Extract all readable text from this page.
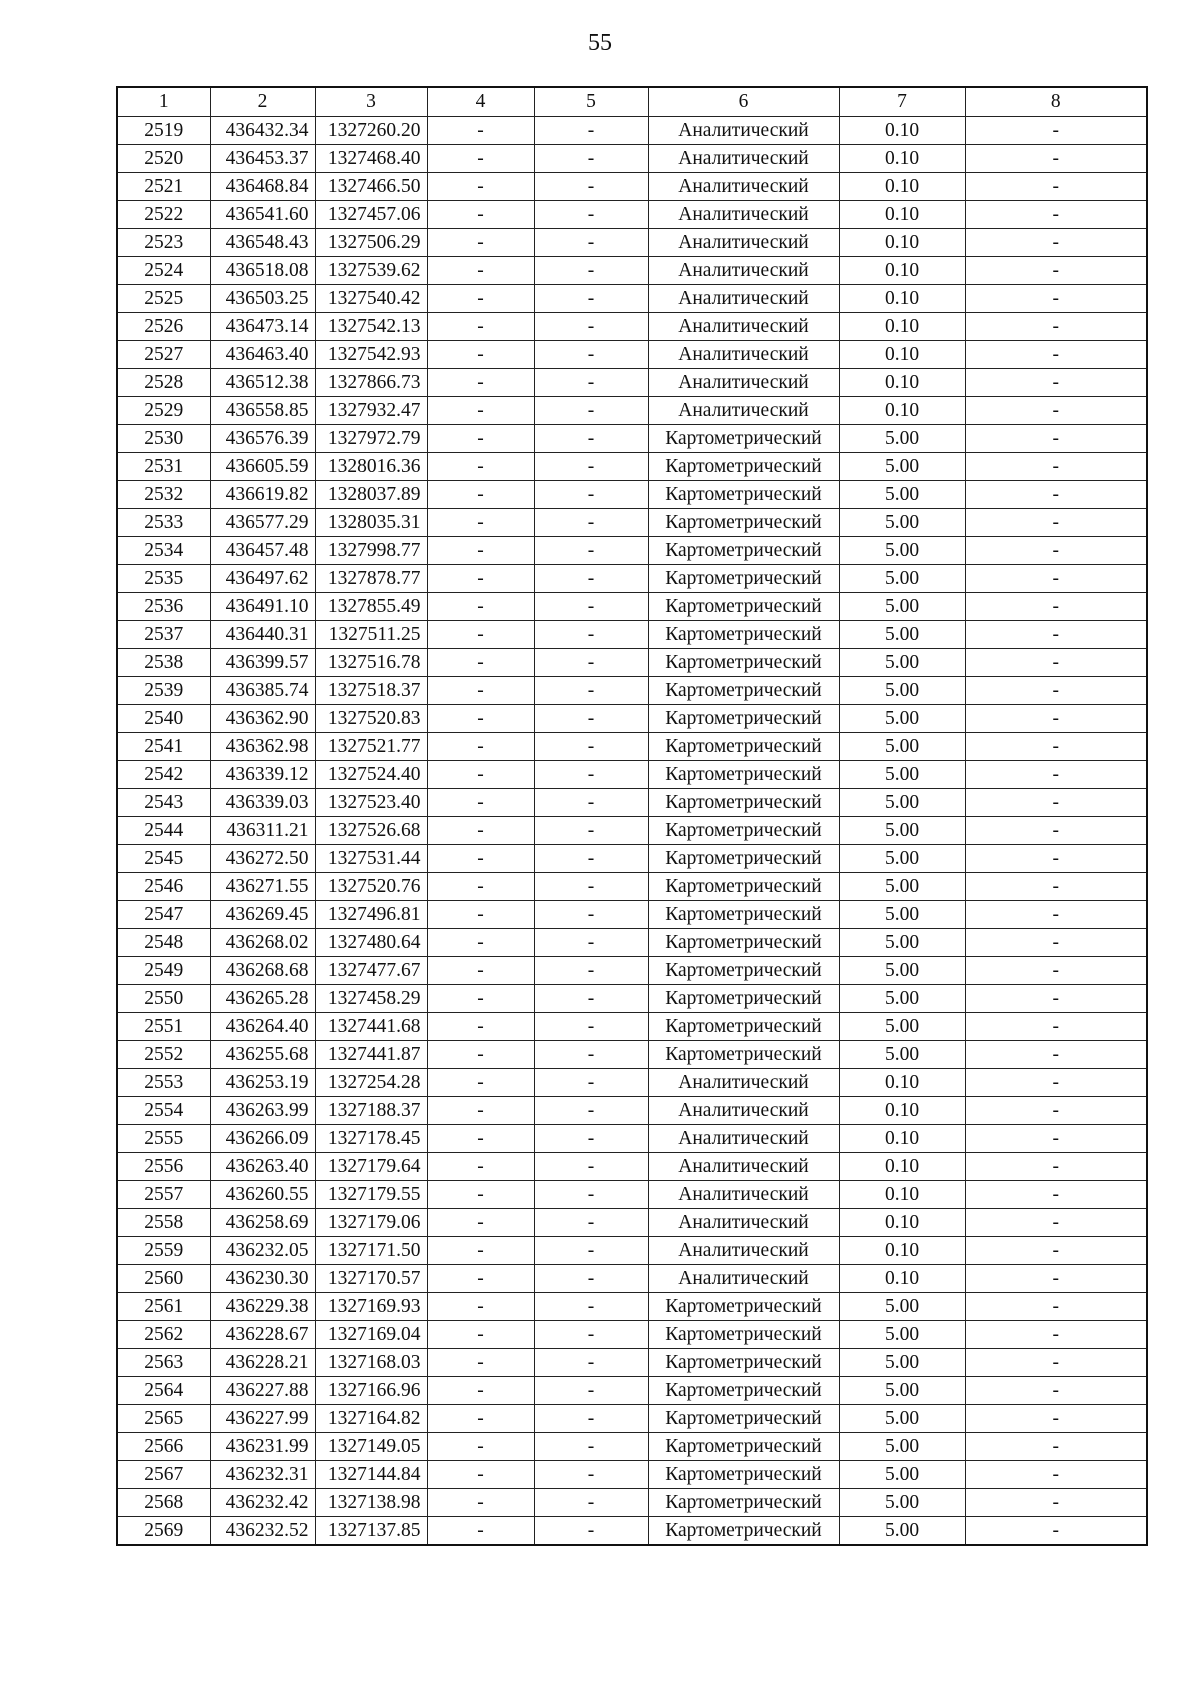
55
1	2	3	4	5	6	7	8
2519	436432.34	1327260.20	-	-	Аналитический	0.10	-
2520	436453.37	1327468.40	-	-	Аналитический	0.10	-
2521	436468.84	1327466.50	-	-	Аналитический	0.10	-
2522	436541.60	1327457.06	-	-	Аналитический	0.10	-
2523	436548.43	1327506.29	-	-	Аналитический	0.10	-
2524	436518.08	1327539.62	-	-	Аналитический	0.10	-
2525	436503.25	1327540.42	-	-	Аналитический	0.10	-
2526	436473.14	1327542.13	-	-	Аналитический	0.10	-
2527	436463.40	1327542.93	-	-	Аналитический	0.10	-
2528	436512.38	1327866.73	-	-	Аналитический	0.10	-
2529	436558.85	1327932.47	-	-	Аналитический	0.10	-
2530	436576.39	1327972.79	-	-	Картометрический	5.00	-
2531	436605.59	1328016.36	-	-	Картометрический	5.00	-
2532	436619.82	1328037.89	-	-	Картометрический	5.00	-
2533	436577.29	1328035.31	-	-	Картометрический	5.00	-
2534	436457.48	1327998.77	-	-	Картометрический	5.00	-
2535	436497.62	1327878.77	-	-	Картометрический	5.00	-
2536	436491.10	1327855.49	-	-	Картометрический	5.00	-
2537	436440.31	1327511.25	-	-	Картометрический	5.00	-
2538	436399.57	1327516.78	-	-	Картометрический	5.00	-
2539	436385.74	1327518.37	-	-	Картометрический	5.00	-
2540	436362.90	1327520.83	-	-	Картометрический	5.00	-
2541	436362.98	1327521.77	-	-	Картометрический	5.00	-
2542	436339.12	1327524.40	-	-	Картометрический	5.00	-
2543	436339.03	1327523.40	-	-	Картометрический	5.00	-
2544	436311.21	1327526.68	-	-	Картометрический	5.00	-
2545	436272.50	1327531.44	-	-	Картометрический	5.00	-
2546	436271.55	1327520.76	-	-	Картометрический	5.00	-
2547	436269.45	1327496.81	-	-	Картометрический	5.00	-
2548	436268.02	1327480.64	-	-	Картометрический	5.00	-
2549	436268.68	1327477.67	-	-	Картометрический	5.00	-
2550	436265.28	1327458.29	-	-	Картометрический	5.00	-
2551	436264.40	1327441.68	-	-	Картометрический	5.00	-
2552	436255.68	1327441.87	-	-	Картометрический	5.00	-
2553	436253.19	1327254.28	-	-	Аналитический	0.10	-
2554	436263.99	1327188.37	-	-	Аналитический	0.10	-
2555	436266.09	1327178.45	-	-	Аналитический	0.10	-
2556	436263.40	1327179.64	-	-	Аналитический	0.10	-
2557	436260.55	1327179.55	-	-	Аналитический	0.10	-
2558	436258.69	1327179.06	-	-	Аналитический	0.10	-
2559	436232.05	1327171.50	-	-	Аналитический	0.10	-
2560	436230.30	1327170.57	-	-	Аналитический	0.10	-
2561	436229.38	1327169.93	-	-	Картометрический	5.00	-
2562	436228.67	1327169.04	-	-	Картометрический	5.00	-
2563	436228.21	1327168.03	-	-	Картометрический	5.00	-
2564	436227.88	1327166.96	-	-	Картометрический	5.00	-
2565	436227.99	1327164.82	-	-	Картометрический	5.00	-
2566	436231.99	1327149.05	-	-	Картометрический	5.00	-
2567	436232.31	1327144.84	-	-	Картометрический	5.00	-
2568	436232.42	1327138.98	-	-	Картометрический	5.00	-
2569	436232.52	1327137.85	-	-	Картометрический	5.00	-
